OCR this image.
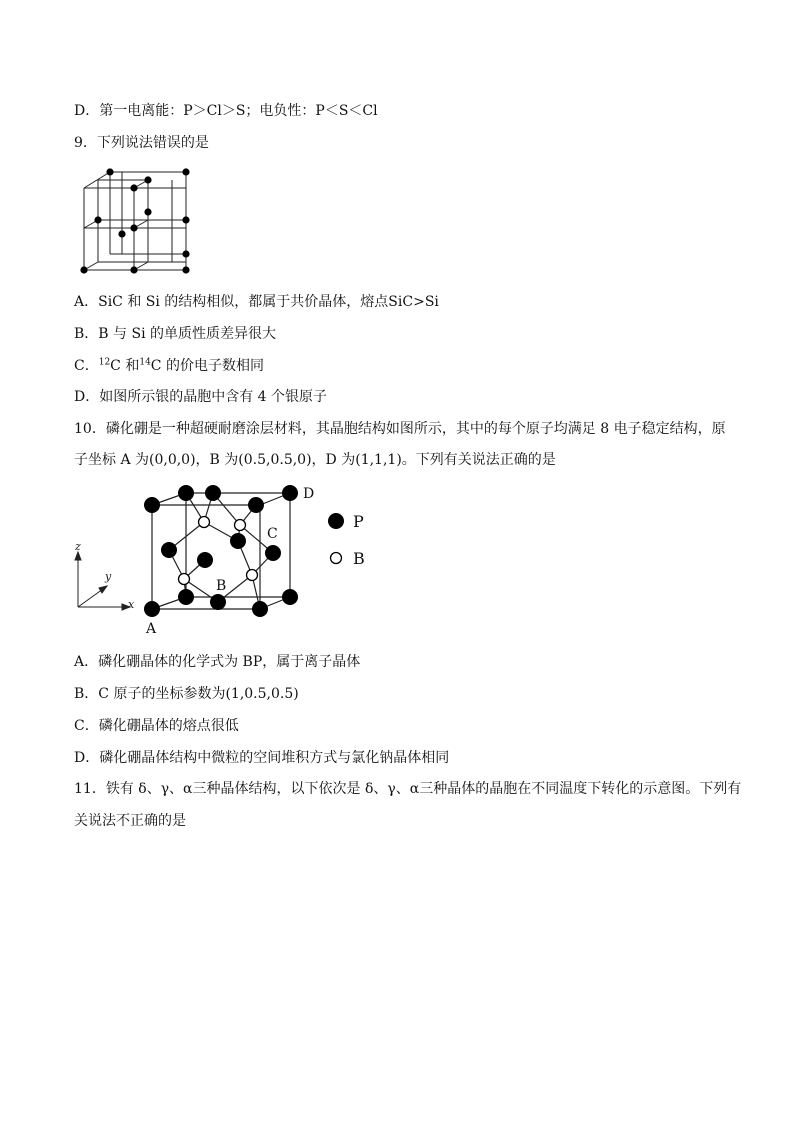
D．第一电离能：P＞Cl＞S；电负性：P＜S＜Cl
9．下列说法错误的是
A．SiC 和 Si 的结构相似，都属于共价晶体，熔点SiC>Si
B．B 与 Si 的单质性质差异很大
C．$^{12}$C 和$^{14}$C 的价电子数相同
D．如图所示银的晶胞中含有 4 个银原子
10．磷化硼是一种超硬耐磨涂层材料，其晶胞结构如图所示，其中的每个原子均满足 8 电子稳定结构，原
子坐标 A 为(0,0,0)，B 为(0.5,0.5,0)，D 为(1,1,1)。下列有关说法正确的是
z
y
x
A
B
C
D
P
B
A．磷化硼晶体的化学式为 BP，属于离子晶体
B．C 原子的坐标参数为(1,0.5,0.5)
C．磷化硼晶体的熔点很低
D．磷化硼晶体结构中微粒的空间堆积方式与氯化钠晶体相同
11．铁有 δ、γ、α三种晶体结构，以下依次是 δ、γ、α三种晶体的晶胞在不同温度下转化的示意图。下列有
关说法不正确的是
